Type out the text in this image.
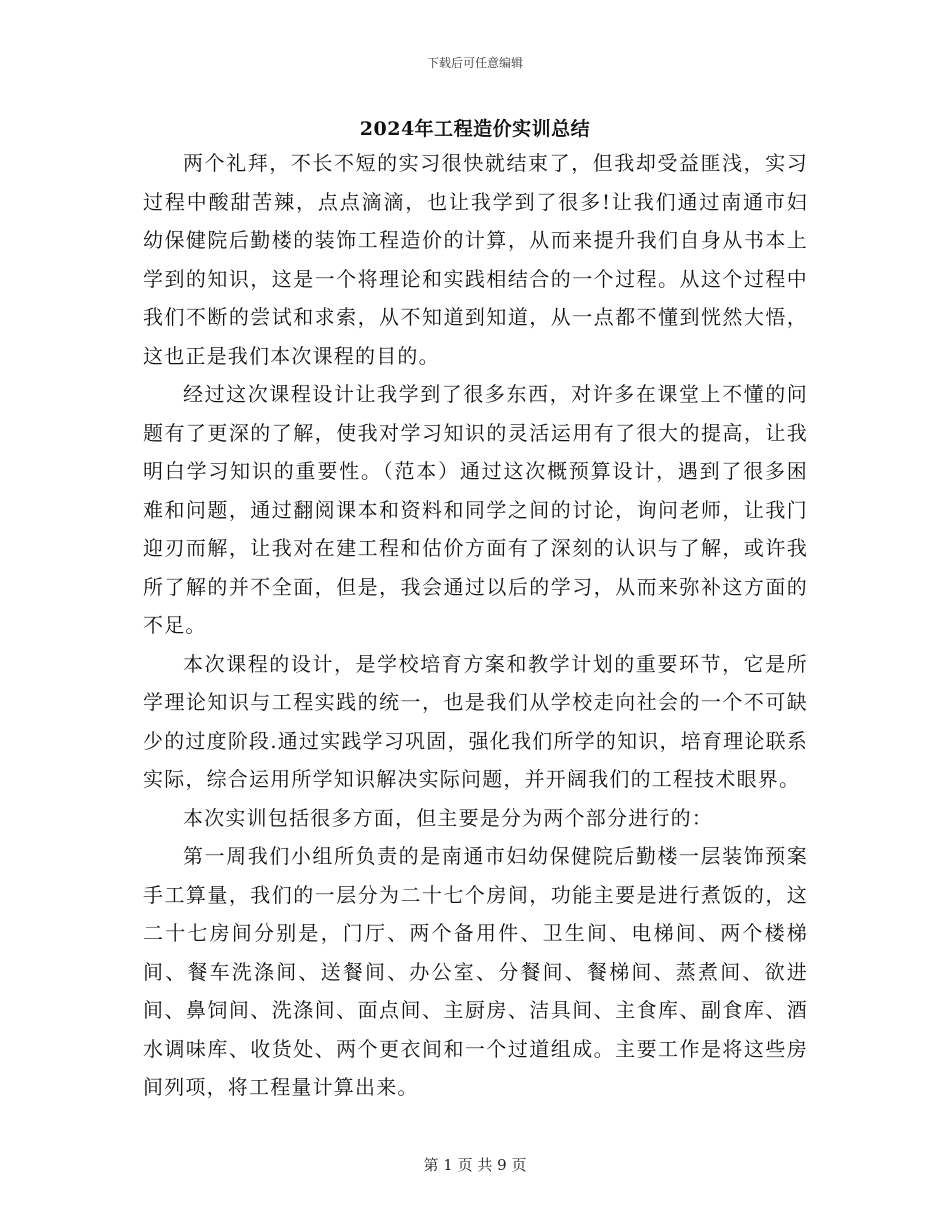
下载后可任意编辑
2024年工程造价实训总结

两个礼拜，不长不短的实习很快就结束了，但我却受益匪浅，实习过程中酸甜苦辣，点点滴滴，也让我学到了很多!让我们通过南通市妇幼保健院后勤楼的装饰工程造价的计算，从而来提升我们自身从书本上学到的知识，这是一个将理论和实践相结合的一个过程。从这个过程中我们不断的尝试和求索，从不知道到知道，从一点都不懂到恍然大悟，这也正是我们本次课程的目的。

经过这次课程设计让我学到了很多东西，对许多在课堂上不懂的问题有了更深的了解，使我对学习知识的灵活运用有了很大的提高，让我明白学习知识的重要性。（范本）通过这次概预算设计，遇到了很多困难和问题，通过翻阅课本和资料和同学之间的讨论，询问老师，让我门迎刃而解，让我对在建工程和估价方面有了深刻的认识与了解，或许我所了解的并不全面，但是，我会通过以后的学习，从而来弥补这方面的不足。

本次课程的设计，是学校培育方案和教学计划的重要环节，它是所学理论知识与工程实践的统一，也是我们从学校走向社会的一个不可缺少的过度阶段.通过实践学习巩固，强化我们所学的知识，培育理论联系实际，综合运用所学知识解决实际问题，并开阔我们的工程技术眼界。

本次实训包括很多方面，但主要是分为两个部分进行的：

第一周我们小组所负责的是南通市妇幼保健院后勤楼一层装饰预案手工算量，我们的一层分为二十七个房间，功能主要是进行煮饭的，这二十七房间分别是，门厅、两个备用件、卫生间、电梯间、两个楼梯间、餐车洗涤间、送餐间、办公室、分餐间、餐梯间、蒸煮间、欲进间、鼻饲间、洗涤间、面点间、主厨房、洁具间、主食库、副食库、酒水调味库、收货处、两个更衣间和一个过道组成。主要工作是将这些房间列项，将工程量计算出来。

第 1 页 共 9 页
